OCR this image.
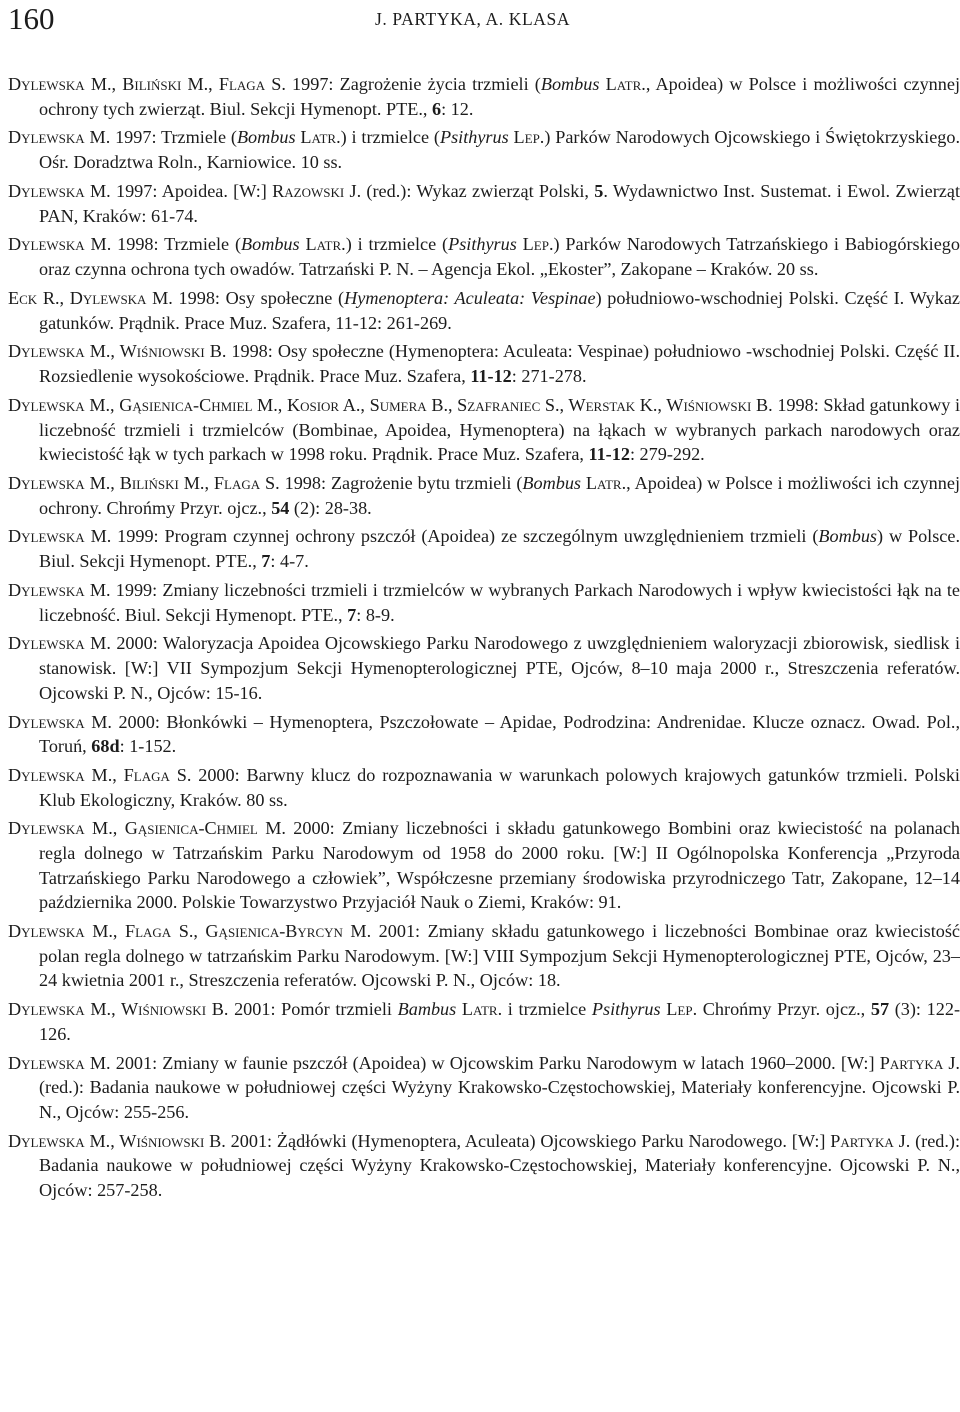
160	J. PARTYKA, A. KLASA

Dylewska M., Biliński M., Flaga S. 1997: Zagrożenie życia trzmieli (Bombus Latr., Apoidea) w Polsce i możliwości czynnej ochrony tych zwierząt. Biul. Sekcji Hymenopt. PTE., 6: 12.

Dylewska M. 1997: Trzmiele (Bombus Latr.) i trzmielce (Psithyrus Lep.) Parków Narodowych Ojcowskiego i Świętokrzyskiego. Ośr. Doradztwa Roln., Karniowice. 10 ss.

Dylewska M. 1997: Apoidea. [W:] Razowski J. (red.): Wykaz zwierząt Polski, 5. Wydawnictwo Inst. Sustemat. i Ewol. Zwierząt PAN, Kraków: 61-74.

Dylewska M. 1998: Trzmiele (Bombus Latr.) i trzmielce (Psithyrus Lep.) Parków Narodowych Tatrzańskiego i Babiogórskiego oraz czynna ochrona tych owadów. Tatrzański P. N. – Agencja Ekol. „Ekoster”, Zakopane – Kraków. 20 ss.

Eck R., Dylewska M. 1998: Osy społeczne (Hymenoptera: Aculeata: Vespinae) południowo-wschodniej Polski. Część I. Wykaz gatunków. Prądnik. Prace Muz. Szafera, 11-12: 261-269.

Dylewska M., Wiśniowski B. 1998: Osy społeczne (Hymenoptera: Aculeata: Vespinae) południowo -wschodniej Polski. Część II. Rozsiedlenie wysokościowe. Prądnik. Prace Muz. Szafera, 11-12: 271-278.

Dylewska M., Gąsienica-Chmiel M., Kosior A., Sumera B., Szafraniec S., Werstak K., Wiśniowski B. 1998: Skład gatunkowy i liczebność trzmieli i trzmielców (Bombinae, Apoidea, Hymenoptera) na łąkach w wybranych parkach narodowych oraz kwiecistość łąk w tych parkach w 1998 roku. Prądnik. Prace Muz. Szafera, 11-12: 279-292.

Dylewska M., Biliński M., Flaga S. 1998: Zagrożenie bytu trzmieli (Bombus Latr., Apoidea) w Polsce i możliwości ich czynnej ochrony. Chrońmy Przyr. ojcz., 54 (2): 28-38.

Dylewska M. 1999: Program czynnej ochrony pszczół (Apoidea) ze szczególnym uwzględnieniem trzmieli (Bombus) w Polsce. Biul. Sekcji Hymenopt. PTE., 7: 4-7.

Dylewska M. 1999: Zmiany liczebności trzmieli i trzmielców w wybranych Parkach Narodowych i wpływ kwiecistości łąk na te liczebność. Biul. Sekcji Hymenopt. PTE., 7: 8-9.

Dylewska M. 2000: Waloryzacja Apoidea Ojcowskiego Parku Narodowego z uwzględnieniem waloryzacji zbiorowisk, siedlisk i stanowisk. [W:] VII Sympozjum Sekcji Hymenopterologicznej PTE, Ojców, 8–10 maja 2000 r., Streszczenia referatów. Ojcowski P. N., Ojców: 15-16.

Dylewska M. 2000: Błonkówki – Hymenoptera, Pszczołowate – Apidae, Podrodzina: Andrenidae. Klucze oznacz. Owad. Pol., Toruń, 68d: 1-152.

Dylewska M., Flaga S. 2000: Barwny klucz do rozpoznawania w warunkach polowych krajowych gatunków trzmieli. Polski Klub Ekologiczny, Kraków. 80 ss.

Dylewska M., Gąsienica-Chmiel M. 2000: Zmiany liczebności i składu gatunkowego Bombini oraz kwiecistość na polanach regla dolnego w Tatrzańskim Parku Narodowym od 1958 do 2000 roku. [W:] II Ogólnopolska Konferencja „Przyroda Tatrzańskiego Parku Narodowego a człowiek”, Współczesne przemiany środowiska przyrodniczego Tatr, Zakopane, 12–14 października 2000. Polskie Towarzystwo Przyjaciół Nauk o Ziemi, Kraków: 91.

Dylewska M., Flaga S., Gąsienica-Byrcyn M. 2001: Zmiany składu gatunkowego i liczebności Bombinae oraz kwiecistość polan regla dolnego w tatrzańskim Parku Narodowym. [W:] VIII Sympozjum Sekcji Hymenopterologicznej PTE, Ojców, 23–24 kwietnia 2001 r., Streszczenia referatów. Ojcowski P. N., Ojców: 18.

Dylewska M., Wiśniowski B. 2001: Pomór trzmieli Bambus Latr. i trzmielce Psithyrus Lep. Chrońmy Przyr. ojcz., 57 (3): 122-126.

Dylewska M. 2001: Zmiany w faunie pszczół (Apoidea) w Ojcowskim Parku Narodowym w latach 1960–2000. [W:] Partyka J. (red.): Badania naukowe w południowej części Wyżyny Krakowsko-Częstochowskiej, Materiały konferencyjne. Ojcowski P. N., Ojców: 255-256.

Dylewska M., Wiśniowski B. 2001: Żądłówki (Hymenoptera, Aculeata) Ojcowskiego Parku Narodowego. [W:] Partyka J. (red.): Badania naukowe w południowej części Wyżyny Krakowsko-Częstochowskiej, Materiały konferencyjne. Ojcowski P. N., Ojców: 257-258.
